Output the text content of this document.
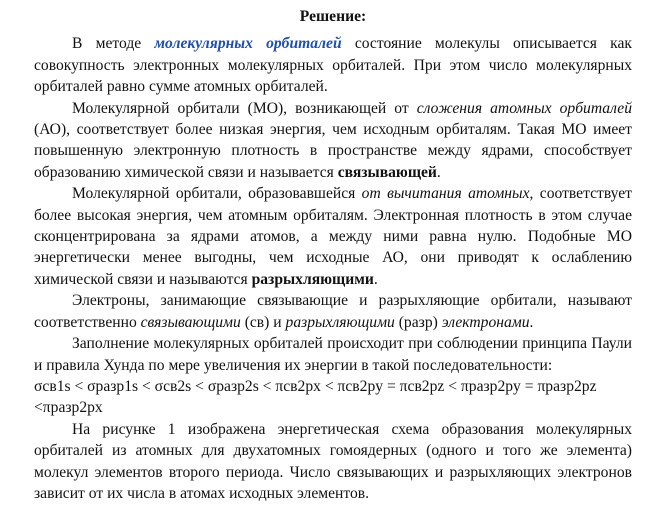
Решение:

В методе молекулярных орбиталей состояние молекулы описывается как совокупность электронных молекулярных орбиталей. При этом число молекулярных орбиталей равно сумме атомных орбиталей.

Молекулярной орбитали (МО), возникающей от сложения атомных орбиталей (АО), соответствует более низкая энергия, чем исходным орбиталям. Такая МО имеет повышенную электронную плотность в пространстве между ядрами, способствует образованию химической связи и называется связывающей.

Молекулярной орбитали, образовавшейся от вычитания атомных, соответствует более высокая энергия, чем атомным орбиталям. Электронная плотность в этом случае сконцентрирована за ядрами атомов, а между ними равна нулю. Подобные МО энергетически менее выгодны, чем исходные АО, они приводят к ослаблению химической связи и называются разрыхляющими.

Электроны, занимающие связывающие и разрыхляющие орбитали, называют соответственно связывающими (св) и разрыхляющими (разр) электронами.

Заполнение молекулярных орбиталей происходит при соблюдении принципа Паули и правила Хунда по мере увеличения их энергии в такой последовательности:

σсв1s < σразр1s < σсв2s < σразр2s < πсв2px < πсв2py = πсв2pz < πразр2py = πразр2pz <πразр2px

На рисунке 1 изображена энергетическая схема образования молекулярных орбиталей из атомных для двухатомных гомоядерных (одного и того же элемента) молекул элементов второго периода. Число связывающих и разрыхляющих электронов зависит от их числа в атомах исходных элементов.
